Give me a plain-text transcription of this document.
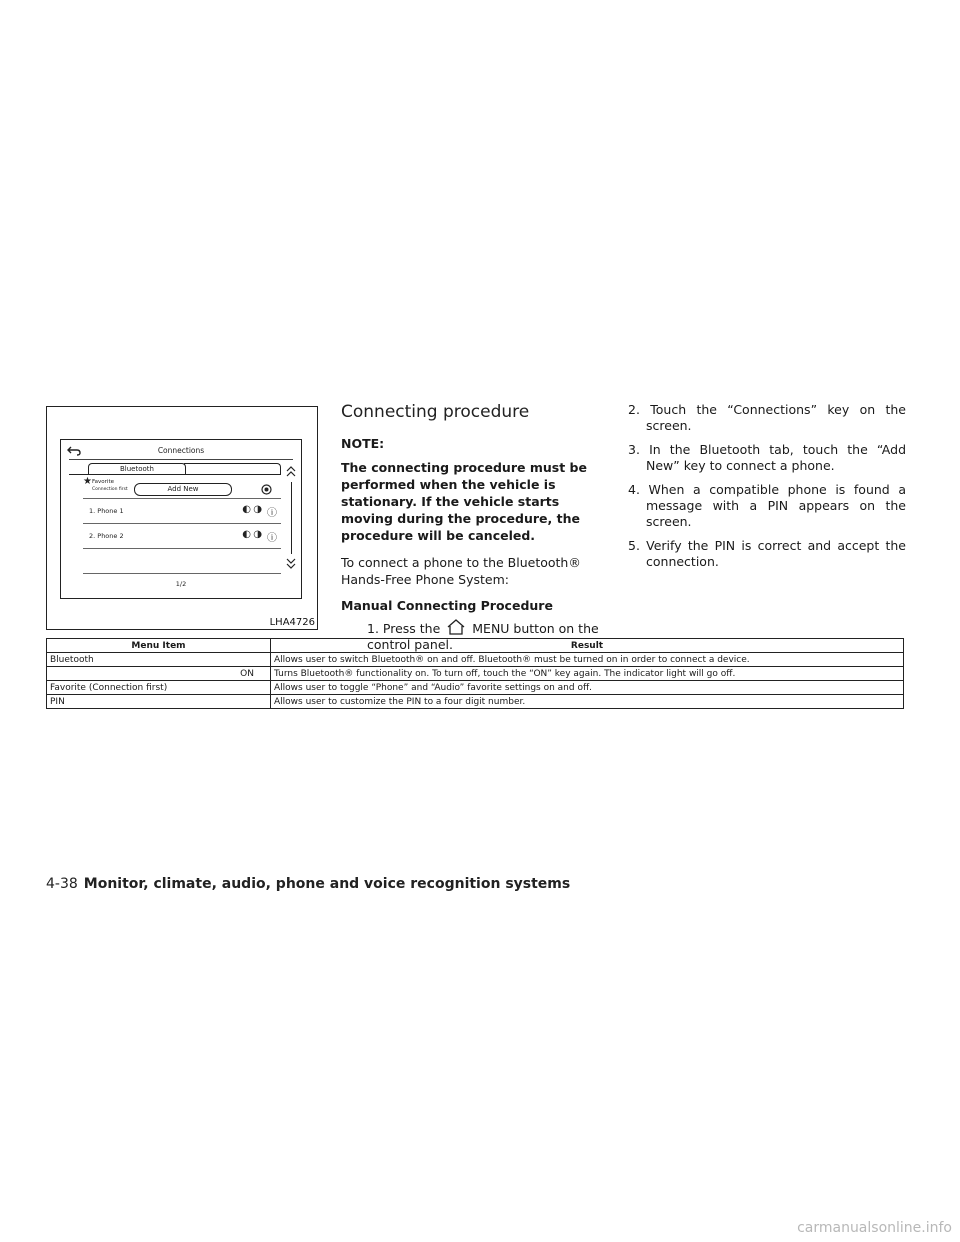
Connections
Bluetooth
★ Favorite
Connection first	Add New
1. Phone 1	◐ ◑ ⓘ
2. Phone 2	◐ ◑ ⓘ
1/2
LHA4726
Connecting procedure
NOTE:
The connecting procedure must be performed when the vehicle is stationary. If the vehicle starts moving during the procedure, the procedure will be canceled.
To connect a phone to the Bluetooth® Hands-Free Phone System:
Manual Connecting Procedure
1. Press the	MENU button on the control panel.
2. Touch the “Connections” key on the screen.
3. In the Bluetooth tab, touch the “Add New” key to connect a phone.
4. When a compatible phone is found a message with a PIN appears on the screen.
5. Verify the PIN is correct and accept the connection.
Menu Item	Result
Bluetooth	Allows user to switch Bluetooth® on and off. Bluetooth® must be turned on in order to connect a device.
ON	Turns Bluetooth® functionality on. To turn off, touch the “ON” key again. The indicator light will go off.
Favorite (Connection first)	Allows user to toggle “Phone” and “Audio” favorite settings on and off.
PIN	Allows user to customize the PIN to a four digit number.
4-38 Monitor, climate, audio, phone and voice recognition systems
carmanualsonline.info
